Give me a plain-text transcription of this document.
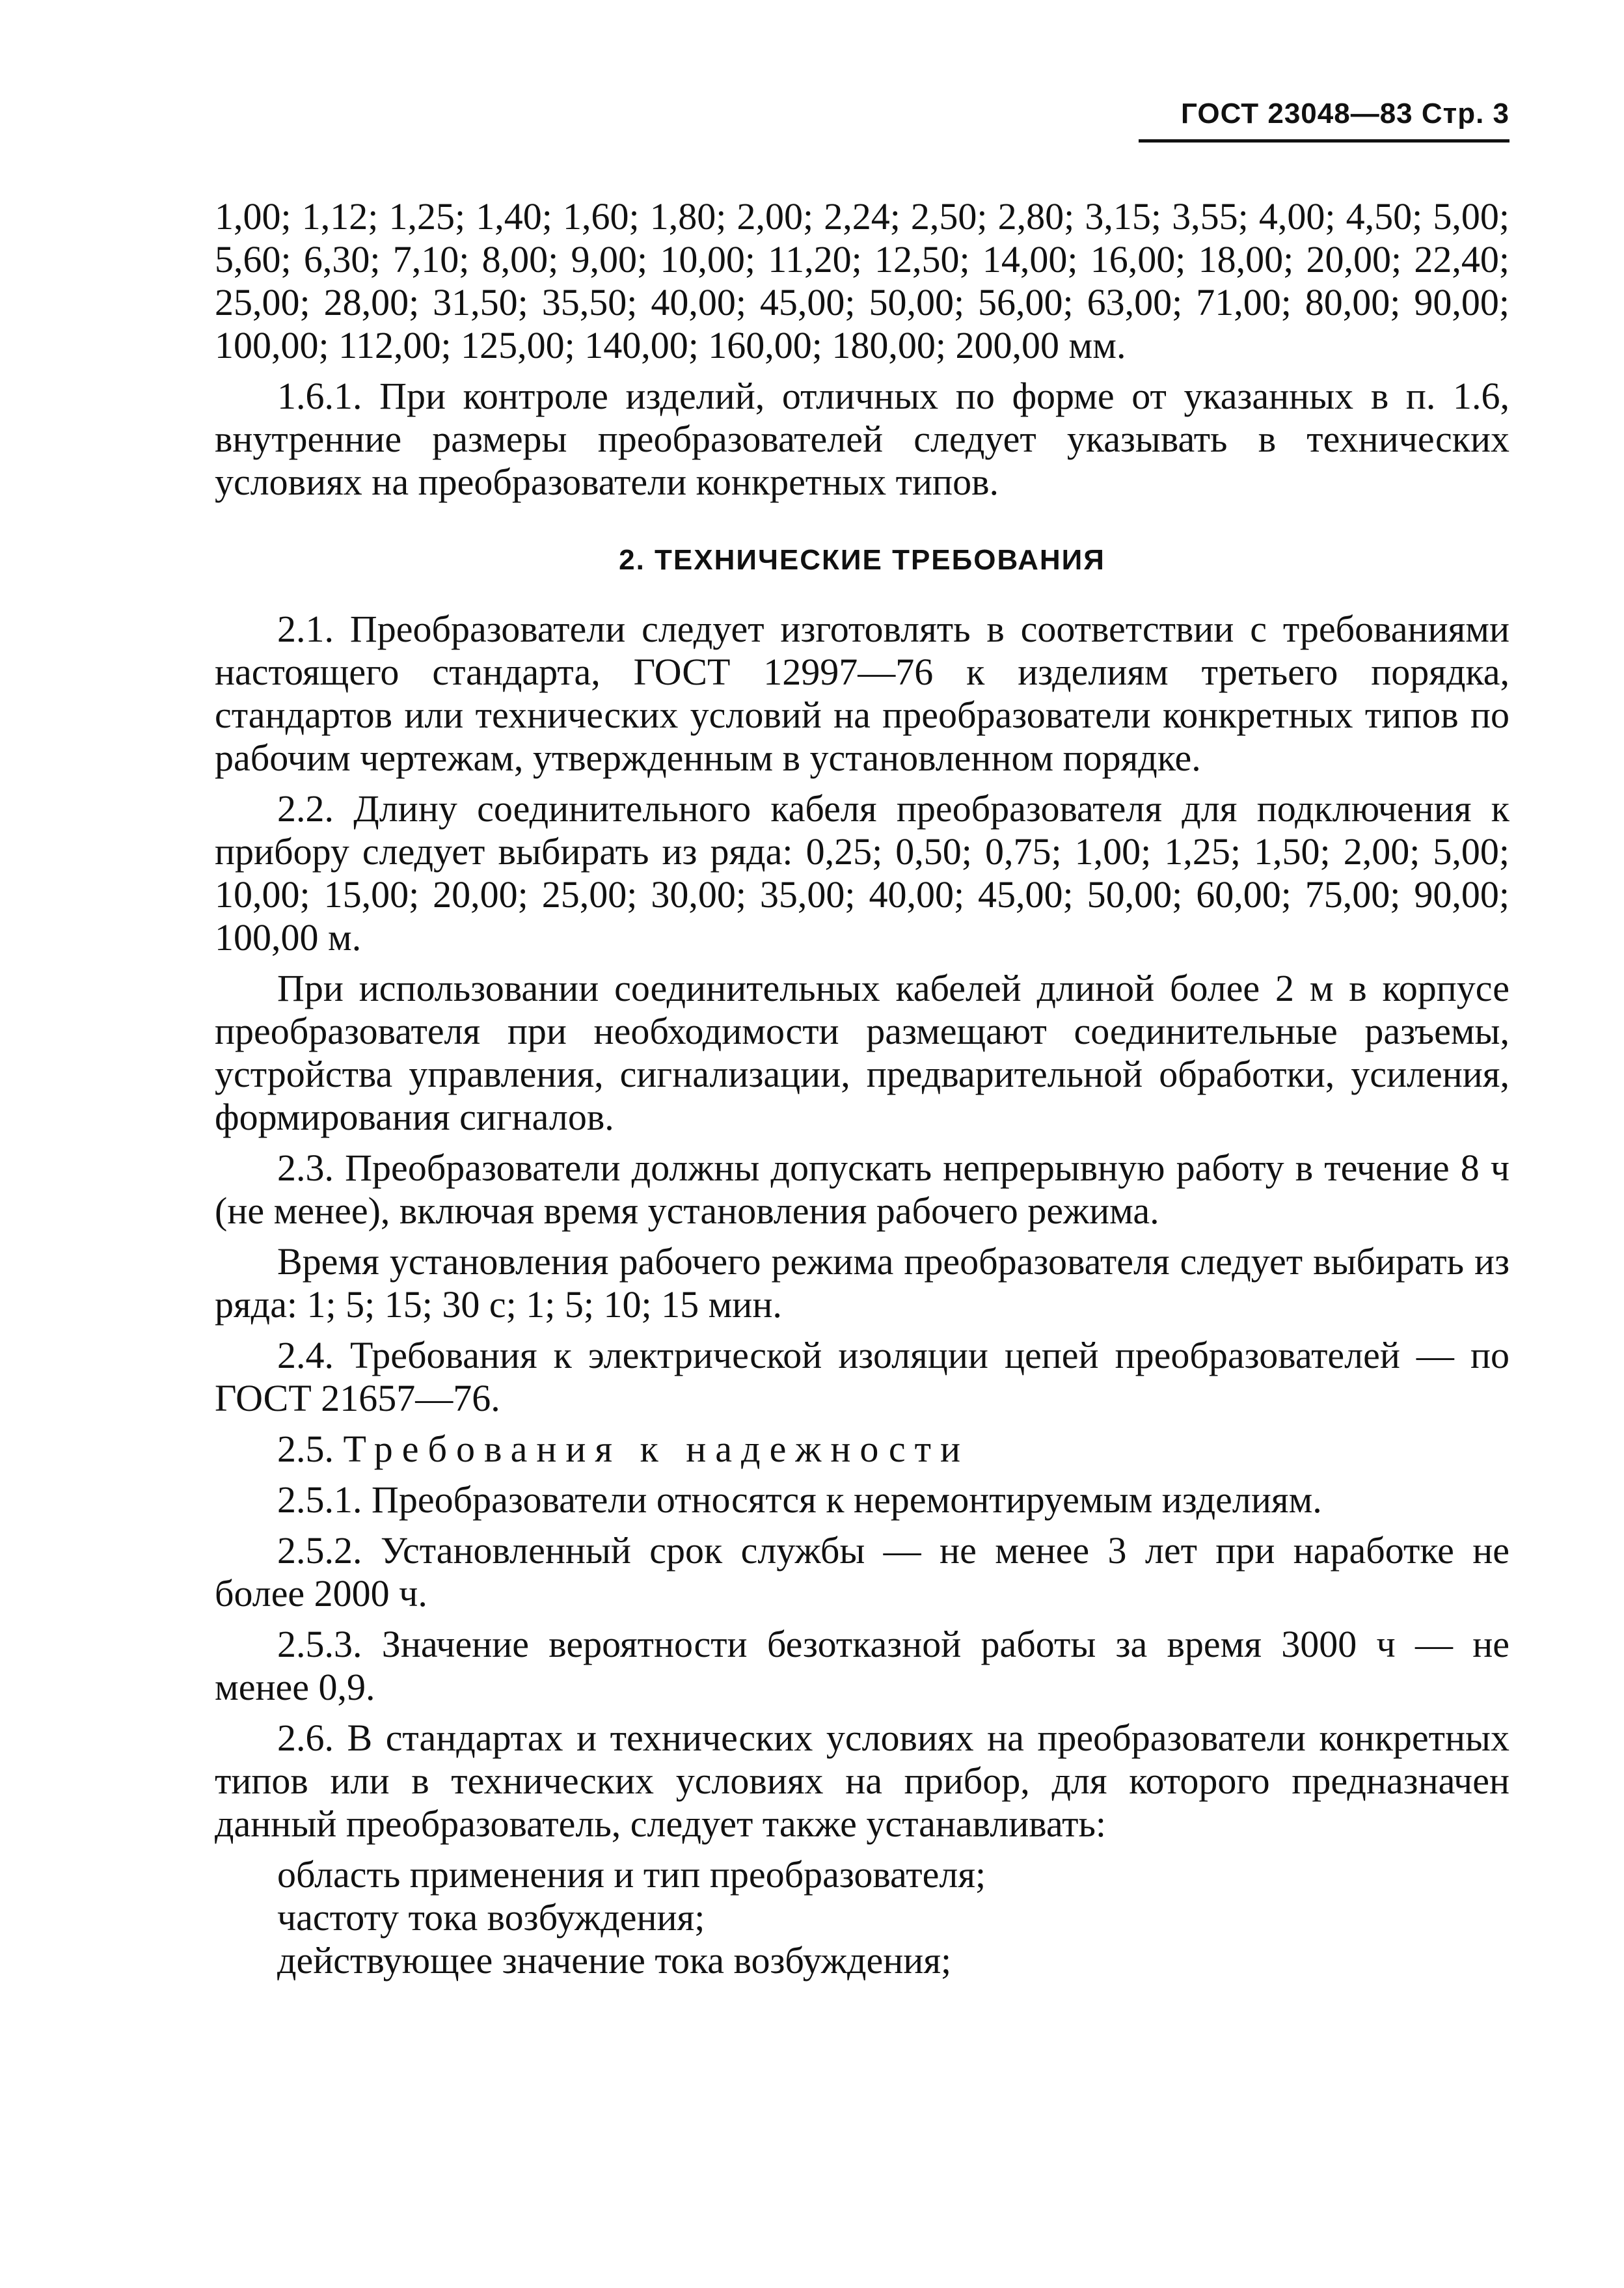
ГОСТ 23048—83 Стр. 3

1,00; 1,12; 1,25; 1,40; 1,60; 1,80; 2,00; 2,24; 2,50; 2,80; 3,15; 3,55; 4,00; 4,50; 5,00; 5,60; 6,30; 7,10; 8,00; 9,00; 10,00; 11,20; 12,50; 14,00; 16,00; 18,00; 20,00; 22,40; 25,00; 28,00; 31,50; 35,50; 40,00; 45,00; 50,00; 56,00; 63,00; 71,00; 80,00; 90,00; 100,00; 112,00; 125,00; 140,00; 160,00; 180,00; 200,00 мм.

1.6.1. При контроле изделий, отличных по форме от указанных в п. 1.6, внутренние размеры преобразователей следует указывать в технических условиях на преобразователи конкретных типов.

2. ТЕХНИЧЕСКИЕ ТРЕБОВАНИЯ

2.1. Преобразователи следует изготовлять в соответствии с требованиями настоящего стандарта, ГОСТ 12997—76 к изделиям третьего порядка, стандартов или технических условий на преобразователи конкретных типов по рабочим чертежам, утвержденным в установленном порядке.

2.2. Длину соединительного кабеля преобразователя для подключения к прибору следует выбирать из ряда: 0,25; 0,50; 0,75; 1,00; 1,25; 1,50; 2,00; 5,00; 10,00; 15,00; 20,00; 25,00; 30,00; 35,00; 40,00; 45,00; 50,00; 60,00; 75,00; 90,00; 100,00 м.

При использовании соединительных кабелей длиной более 2 м в корпусе преобразователя при необходимости размещают соединительные разъемы, устройства управления, сигнализации, предварительной обработки, усиления, формирования сигналов.

2.3. Преобразователи должны допускать непрерывную работу в течение 8 ч (не менее), включая время установления рабочего режима.

Время установления рабочего режима преобразователя следует выбирать из ряда: 1; 5; 15; 30 с; 1; 5; 10; 15 мин.

2.4. Требования к электрической изоляции цепей преобразователей — по ГОСТ 21657—76.

2.5. Требования к надежности

2.5.1. Преобразователи относятся к неремонтируемым изделиям.

2.5.2. Установленный срок службы — не менее 3 лет при наработке не более 2000 ч.

2.5.3. Значение вероятности безотказной работы за время 3000 ч — не менее 0,9.

2.6. В стандартах и технических условиях на преобразователи конкретных типов или в технических условиях на прибор, для которого предназначен данный преобразователь, следует также устанавливать:

область применения и тип преобразователя;

частоту тока возбуждения;

действующее значение тока возбуждения;
